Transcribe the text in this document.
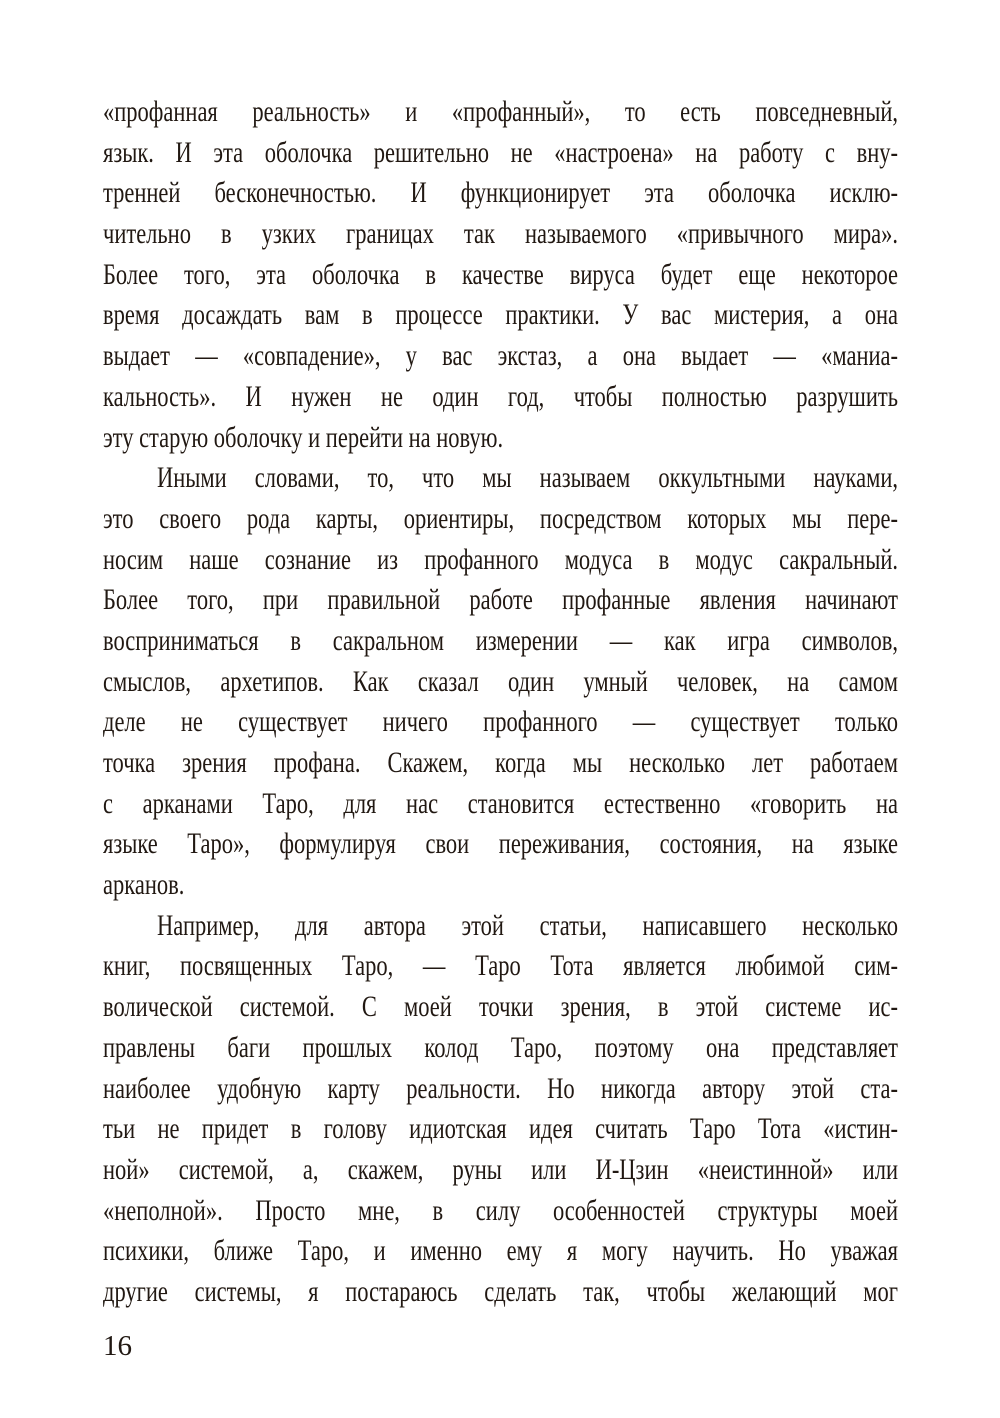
«профанная реальность» и «профанный», то есть повседневный,
язык. И эта оболочка решительно не «настроена» на работу с вну-
тренней бесконечностью. И функционирует эта оболочка исклю-
чительно в узких границах так называемого «привычного мира».
Более того, эта оболочка в качестве вируса будет еще некоторое
время досаждать вам в процессе практики. У вас мистерия, а она
выдает — «совпадение», у вас экстаз, а она выдает — «маниа-
кальность». И нужен не один год, чтобы полностью разрушить
эту старую оболочку и перейти на новую.
Иными словами, то, что мы называем оккультными науками,
это своего рода карты, ориентиры, посредством которых мы пере-
носим наше сознание из профанного модуса в модус сакральный.
Более того, при правильной работе профанные явления начинают
восприниматься в сакральном измерении — как игра символов,
смыслов, архетипов. Как сказал один умный человек, на самом
деле не существует ничего профанного — существует только
точка зрения профана. Скажем, когда мы несколько лет работаем
с арканами Таро, для нас становится естественно «говорить на
языке Таро», формулируя свои переживания, состояния, на языке
арканов.
Например, для автора этой статьи, написавшего несколько
книг, посвященных Таро, — Таро Тота является любимой сим-
волической системой. С моей точки зрения, в этой системе ис-
правлены баги прошлых колод Таро, поэтому она представляет
наиболее удобную карту реальности. Но никогда автору этой ста-
тьи не придет в голову идиотская идея считать Таро Тота «истин-
ной» системой, а, скажем, руны или И-Цзин «неистинной» или
«неполной». Просто мне, в силу особенностей структуры моей
психики, ближе Таро, и именно ему я могу научить. Но уважая
другие системы, я постараюсь сделать так, чтобы желающий мог
16
